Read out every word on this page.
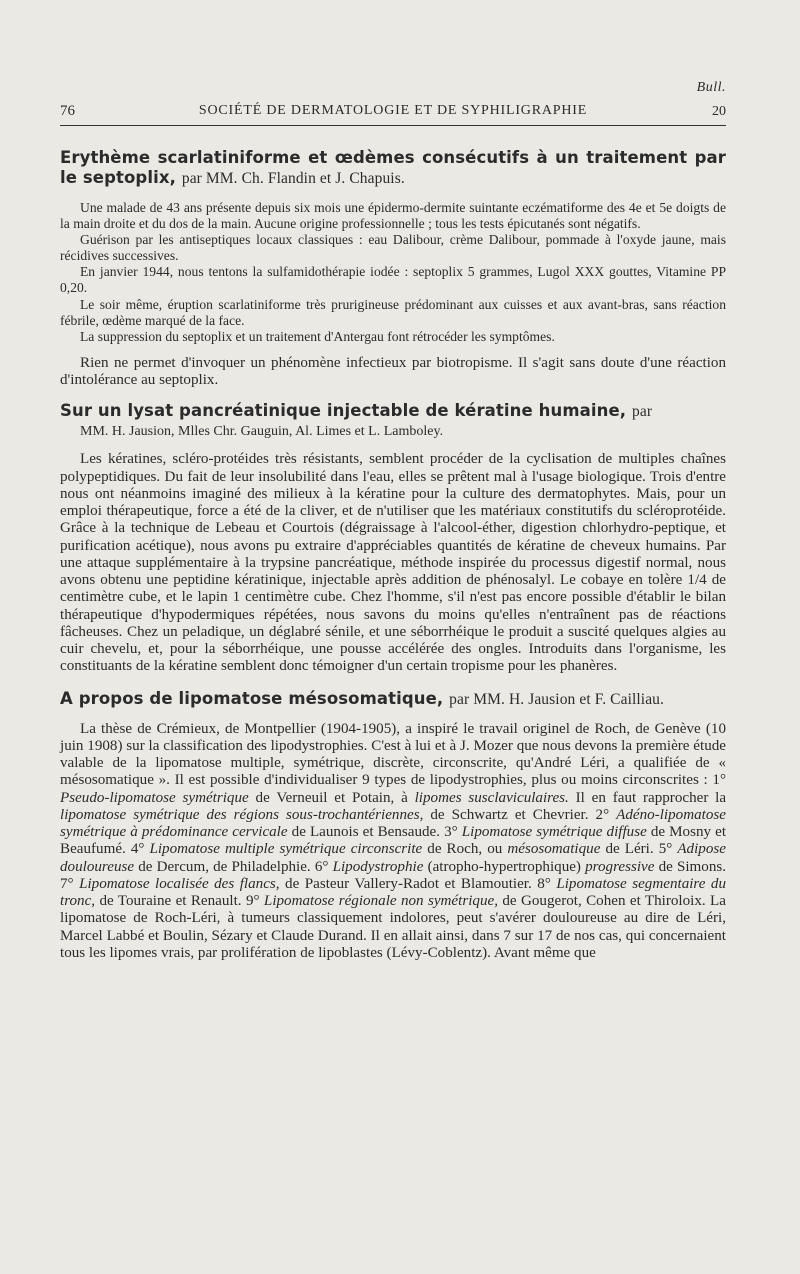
Bull.
76	SOCIÉTÉ DE DERMATOLOGIE ET DE SYPHILIGRAPHIE	20

Erythème scarlatiniforme et œdèmes consécutifs à un traitement par le septoplix, par MM. Ch. Flandin et J. Chapuis.

Une malade de 43 ans présente depuis six mois une épidermo-dermite suintante eczématiforme des 4e et 5e doigts de la main droite et du dos de la main. Aucune origine professionnelle ; tous les tests épicutanés sont négatifs.

Guérison par les antiseptiques locaux classiques : eau Dalibour, crème Dalibour, pommade à l'oxyde jaune, mais récidives successives.

En janvier 1944, nous tentons la sulfamidothérapie iodée : septoplix 5 grammes, Lugol XXX gouttes, Vitamine PP 0,20.

Le soir même, éruption scarlatiniforme très prurigineuse prédominant aux cuisses et aux avant-bras, sans réaction fébrile, œdème marqué de la face.

La suppression du septoplix et un traitement d'Antergau font rétrocéder les symptômes.

Rien ne permet d'invoquer un phénomène infectieux par biotropisme. Il s'agit sans doute d'une réaction d'intolérance au septoplix.

Sur un lysat pancréatinique injectable de kératine humaine, par

MM. H. Jausion, Mlles Chr. Gauguin, Al. Limes et L. Lamboley.

Les kératines, scléro-protéides très résistants, semblent procéder de la cyclisation de multiples chaînes polypeptidiques. Du fait de leur insolubilité dans l'eau, elles se prêtent mal à l'usage biologique. Trois d'entre nous ont néanmoins imaginé des milieux à la kératine pour la culture des dermatophytes. Mais, pour un emploi thérapeutique, force a été de la cliver, et de n'utiliser que les matériaux constitutifs du scléroprotéide. Grâce à la technique de Lebeau et Courtois (dégraissage à l'alcool-éther, digestion chlorhydro-peptique, et purification acétique), nous avons pu extraire d'appréciables quantités de kératine de cheveux humains. Par une attaque supplémentaire à la trypsine pancréatique, méthode inspirée du processus digestif normal, nous avons obtenu une peptidine kératinique, injectable après addition de phénosalyl. Le cobaye en tolère 1/4 de centimètre cube, et le lapin 1 centimètre cube. Chez l'homme, s'il n'est pas encore possible d'établir le bilan thérapeutique d'hypodermiques répétées, nous savons du moins qu'elles n'entraînent pas de réactions fâcheuses. Chez un peladique, un déglabré sénile, et une séborrhéique le produit a suscité quelques algies au cuir chevelu, et, pour la séborrhéique, une pousse accélérée des ongles. Introduits dans l'organisme, les constituants de la kératine semblent donc témoigner d'un certain tropisme pour les phanères.

A propos de lipomatose mésosomatique, par MM. H. Jausion et F. Cailliau.

La thèse de Crémieux, de Montpellier (1904-1905), a inspiré le travail originel de Roch, de Genève (10 juin 1908) sur la classification des lipodystrophies. C'est à lui et à J. Mozer que nous devons la première étude valable de la lipomatose multiple, symétrique, discrète, circonscrite, qu'André Léri, a qualifiée de « mésosomatique ». Il est possible d'individualiser 9 types de lipodystrophies, plus ou moins circonscrites : 1° Pseudo-lipomatose symétrique de Verneuil et Potain, à lipomes susclaviculaires. Il en faut rapprocher la lipomatose symétrique des régions sous-trochantériennes, de Schwartz et Chevrier. 2° Adéno-lipomatose symétrique à prédominance cervicale de Launois et Bensaude. 3° Lipomatose symétrique diffuse de Mosny et Beaufumé. 4° Lipomatose multiple symétrique circonscrite de Roch, ou mésosomatique de Léri. 5° Adipose douloureuse de Dercum, de Philadelphie. 6° Lipodystrophie (atropho-hypertrophique) progressive de Simons. 7° Lipomatose localisée des flancs, de Pasteur Vallery-Radot et Blamoutier. 8° Lipomatose segmentaire du tronc, de Touraine et Renault. 9° Lipomatose régionale non symétrique, de Gougerot, Cohen et Thiroloix. La lipomatose de Roch-Léri, à tumeurs classiquement indolores, peut s'avérer douloureuse au dire de Léri, Marcel Labbé et Boulin, Sézary et Claude Durand. Il en allait ainsi, dans 7 sur 17 de nos cas, qui concernaient tous les lipomes vrais, par prolifération de lipoblastes (Lévy-Coblentz). Avant même que
